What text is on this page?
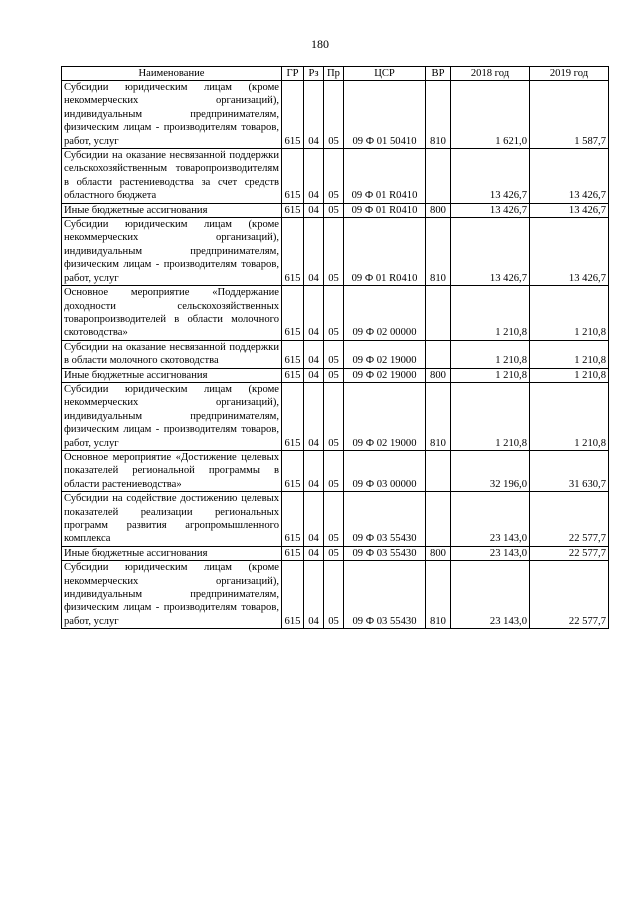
180
Наименование	ГР	Рз	Пр	ЦСР	ВР	2018 год	2019 год
Субсидии юридическим лицам (кроме некоммерческих организаций), индивидуальным предпринимателям, физическим лицам - производителям товаров, работ, услуг	615	04	05	09 Ф 01 50410	810	1 621,0	1 587,7
Субсидии на оказание несвязанной поддержки сельскохозяйственным товаропроизводителям в области растениеводства за счет средств областного бюджета	615	04	05	09 Ф 01 R0410		13 426,7	13 426,7
Иные бюджетные ассигнования	615	04	05	09 Ф 01 R0410	800	13 426,7	13 426,7
Субсидии юридическим лицам (кроме некоммерческих организаций), индивидуальным предпринимателям, физическим лицам - производителям товаров, работ, услуг	615	04	05	09 Ф 01 R0410	810	13 426,7	13 426,7
Основное мероприятие «Поддержание доходности сельскохозяйственных товаропроизводителей в области молочного скотоводства»	615	04	05	09 Ф 02 00000		1 210,8	1 210,8
Субсидии на оказание несвязанной поддержки в области молочного скотоводства	615	04	05	09 Ф 02 19000		1 210,8	1 210,8
Иные бюджетные ассигнования	615	04	05	09 Ф 02 19000	800	1 210,8	1 210,8
Субсидии юридическим лицам (кроме некоммерческих организаций), индивидуальным предпринимателям, физическим лицам - производителям товаров, работ, услуг	615	04	05	09 Ф 02 19000	810	1 210,8	1 210,8
Основное мероприятие «Достижение целевых показателей региональной программы в области растениеводства»	615	04	05	09 Ф 03 00000		32 196,0	31 630,7
Субсидии на содействие достижению целевых показателей реализации региональных программ развития агропромышленного комплекса	615	04	05	09 Ф 03 55430		23 143,0	22 577,7
Иные бюджетные ассигнования	615	04	05	09 Ф 03 55430	800	23 143,0	22 577,7
Субсидии юридическим лицам (кроме некоммерческих организаций), индивидуальным предпринимателям, физическим лицам - производителям товаров, работ, услуг	615	04	05	09 Ф 03 55430	810	23 143,0	22 577,7
